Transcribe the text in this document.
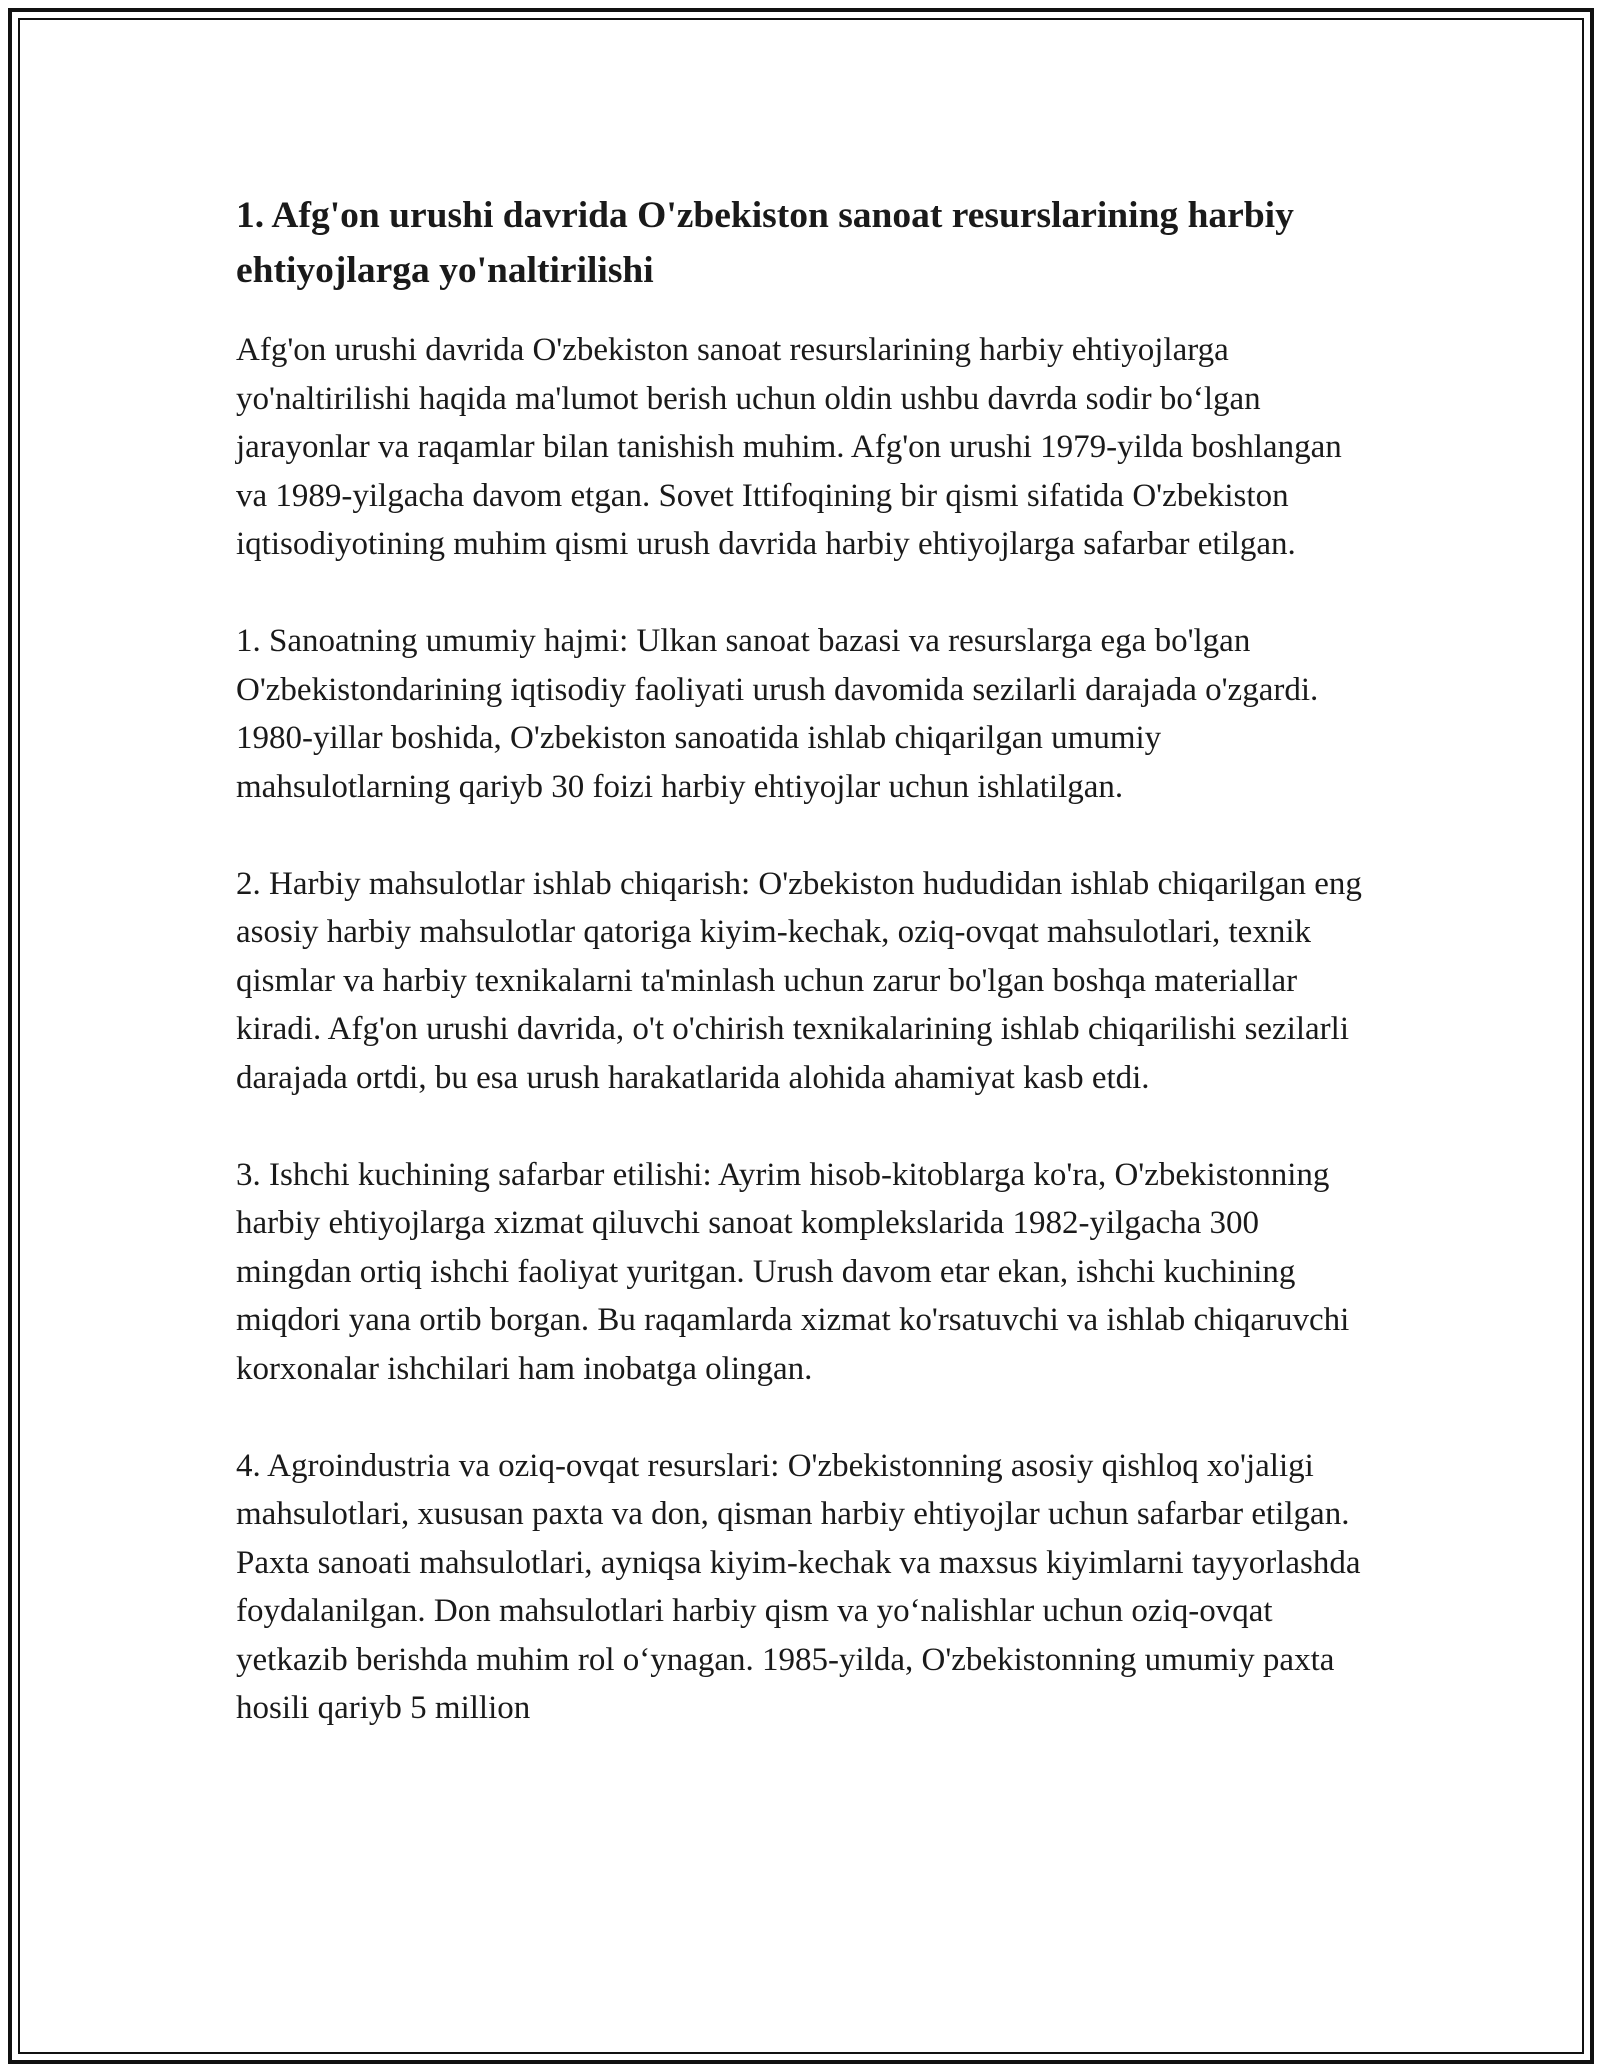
1. Afg'on urushi davrida O'zbekiston sanoat resurslarining harbiy ehtiyojlarga yo'naltirilishi

Afg'on urushi davrida O'zbekiston sanoat resurslarining harbiy ehtiyojlarga yo'naltirilishi haqida ma'lumot berish uchun oldin ushbu davrda sodir bo‘lgan jarayonlar va raqamlar bilan tanishish muhim. Afg'on urushi 1979-yilda boshlangan va 1989-yilgacha davom etgan. Sovet Ittifoqining bir qismi sifatida O'zbekiston iqtisodiyotining muhim qismi urush davrida harbiy ehtiyojlarga safarbar etilgan.

1. Sanoatning umumiy hajmi: Ulkan sanoat bazasi va resurslarga ega bo'lgan O'zbekistondarining iqtisodiy faoliyati urush davomida sezilarli darajada o'zgardi. 1980-yillar boshida, O'zbekiston sanoatida ishlab chiqarilgan umumiy mahsulotlarning qariyb 30 foizi harbiy ehtiyojlar uchun ishlatilgan.

2. Harbiy mahsulotlar ishlab chiqarish: O'zbekiston hududidan ishlab chiqarilgan eng asosiy harbiy mahsulotlar qatoriga kiyim-kechak, oziq-ovqat mahsulotlari, texnik qismlar va harbiy texnikalarni ta'minlash uchun zarur bo'lgan boshqa materiallar kiradi. Afg'on urushi davrida, o't o'chirish texnikalarining ishlab chiqarilishi sezilarli darajada ortdi, bu esa urush harakatlarida alohida ahamiyat kasb etdi.

3. Ishchi kuchining safarbar etilishi: Ayrim hisob-kitoblarga ko'ra, O'zbekistonning harbiy ehtiyojlarga xizmat qiluvchi sanoat komplekslarida 1982-yilgacha 300 mingdan ortiq ishchi faoliyat yuritgan. Urush davom etar ekan, ishchi kuchining miqdori yana ortib borgan. Bu raqamlarda xizmat ko'rsatuvchi va ishlab chiqaruvchi korxonalar ishchilari ham inobatga olingan.

4. Agroindustria va oziq-ovqat resurslari: O'zbekistonning asosiy qishloq xo'jaligi mahsulotlari, xususan paxta va don, qisman harbiy ehtiyojlar uchun safarbar etilgan. Paxta sanoati mahsulotlari, ayniqsa kiyim-kechak va maxsus kiyimlarni tayyorlashda foydalanilgan. Don mahsulotlari harbiy qism va yo‘nalishlar uchun oziq-ovqat yetkazib berishda muhim rol o‘ynagan. 1985-yilda, O'zbekistonning umumiy paxta hosili qariyb 5 million
